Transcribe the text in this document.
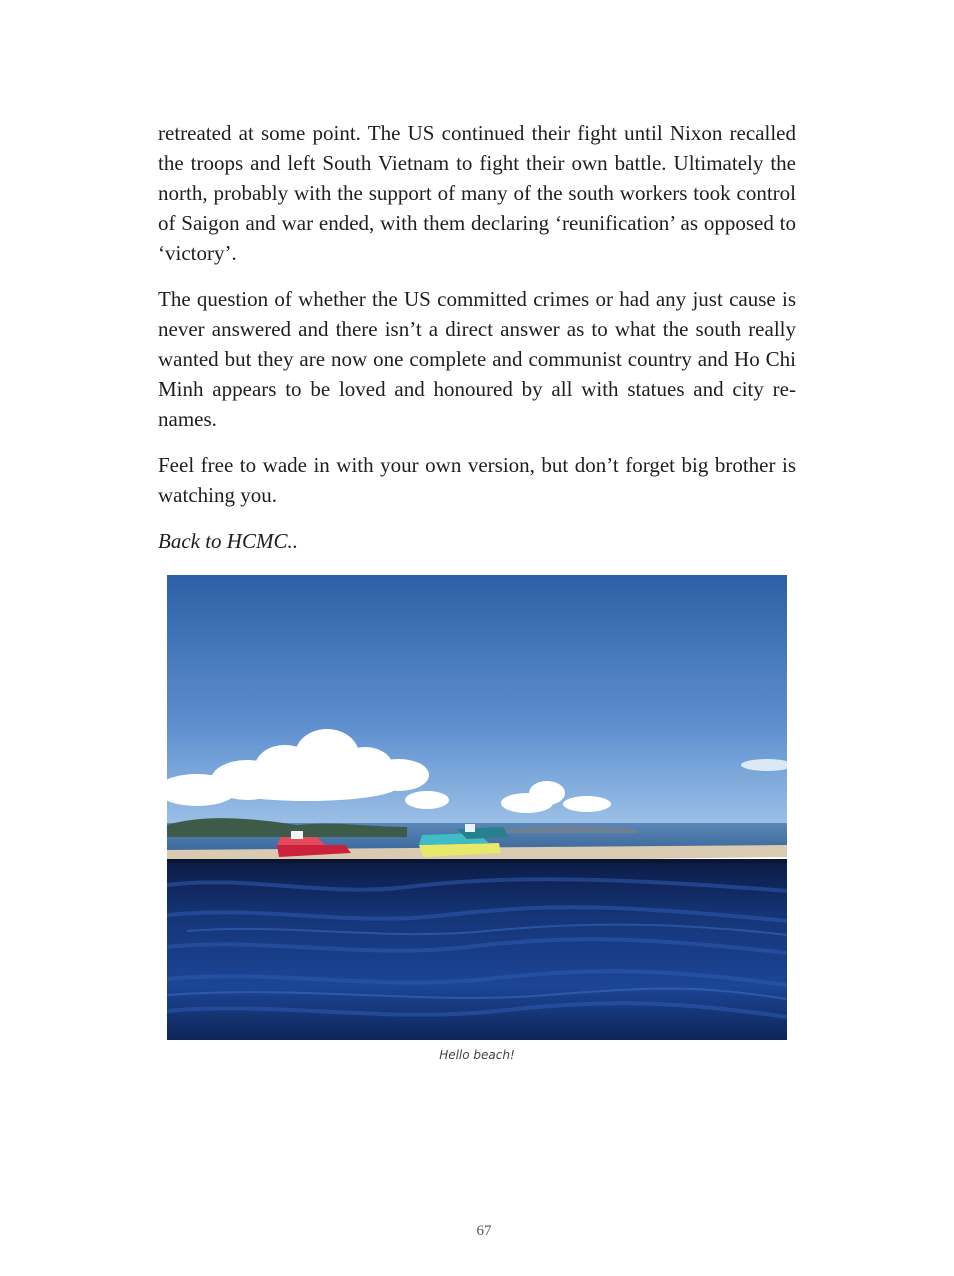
retreated at some point. The US continued their fight until Nixon recalled the troops and left South Vietnam to fight their own battle. Ultimately the north, probably with the support of many of the south workers took control of Saigon and war ended, with them declaring ‘reunification’ as opposed to ‘victory’.

The question of whether the US committed crimes or had any just cause is never answered and there isn’t a direct answer as to what the south really wanted but they are now one complete and communist country and Ho Chi Minh appears to be loved and honoured by all with statues and city re-names.

Feel free to wade in with your own version, but don’t forget big brother is watching you.

Back to HCMC..

Hello beach!
67
